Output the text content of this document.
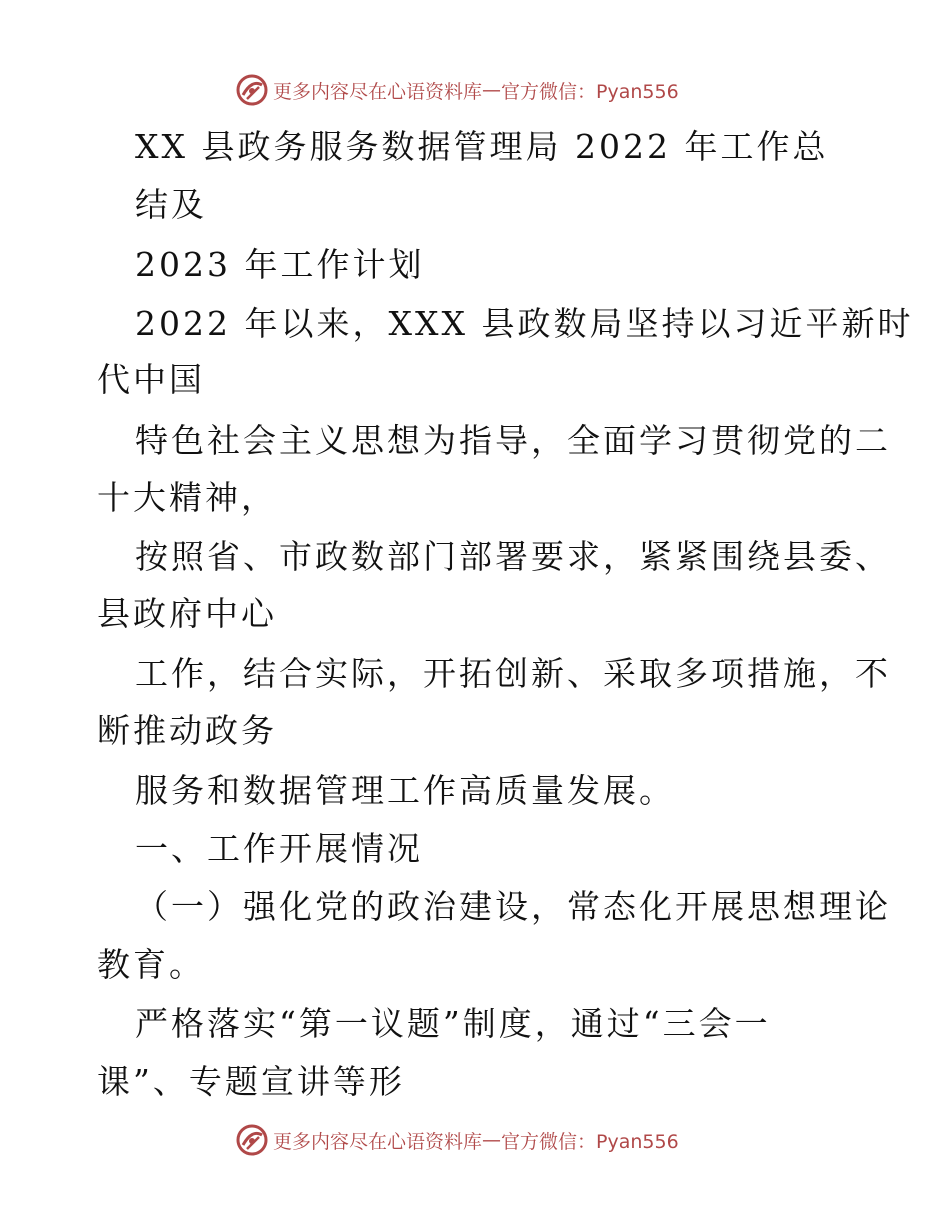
更多内容尽在心语资料库 — 官方微信：Pyan556
XX 县政务服务数据管理局 2022 年工作总
结及
2023 年工作计划
2022 年以来，XXX 县政数局坚持以习近平新时
代中国
特色社会主义思想为指导，全面学习贯彻党的二
十大精神，
按照省、市政数部门部署要求，紧紧围绕县委、
县政府中心
工作，结合实际，开拓创新、采取多项措施，不
断推动政务
服务和数据管理工作高质量发展。
一、工作开展情况
（一）强化党的政治建设，常态化开展思想理论
教育。
严格落实“第一议题”制度，通过“三会一
课”、专题宣讲等形
更多内容尽在心语资料库 — 官方微信：Pyan556
